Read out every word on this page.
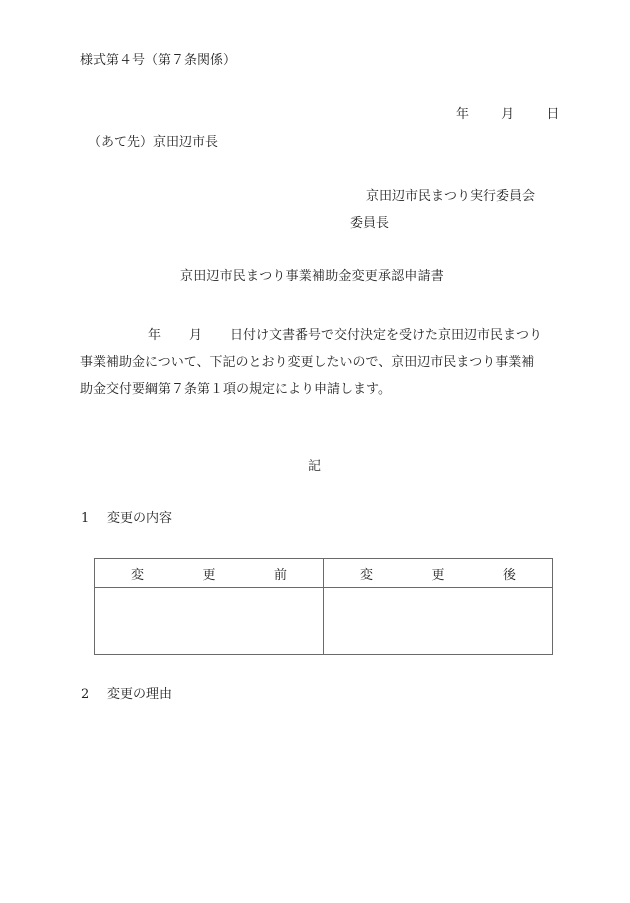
様式第４号（第７条関係）
年 月 日
（あて先）京田辺市長
京田辺市民まつり実行委員会
委員長
京田辺市民まつり事業補助金変更承認申請書
年 月 日付け文書番号で交付決定を受けた京田辺市民まつり
事業補助金について、下記のとおり変更したいので、京田辺市民まつり事業補
助金交付要綱第７条第１項の規定により申請します。
記
1 変更の内容
変 更 前	変 更 後

2 変更の理由
